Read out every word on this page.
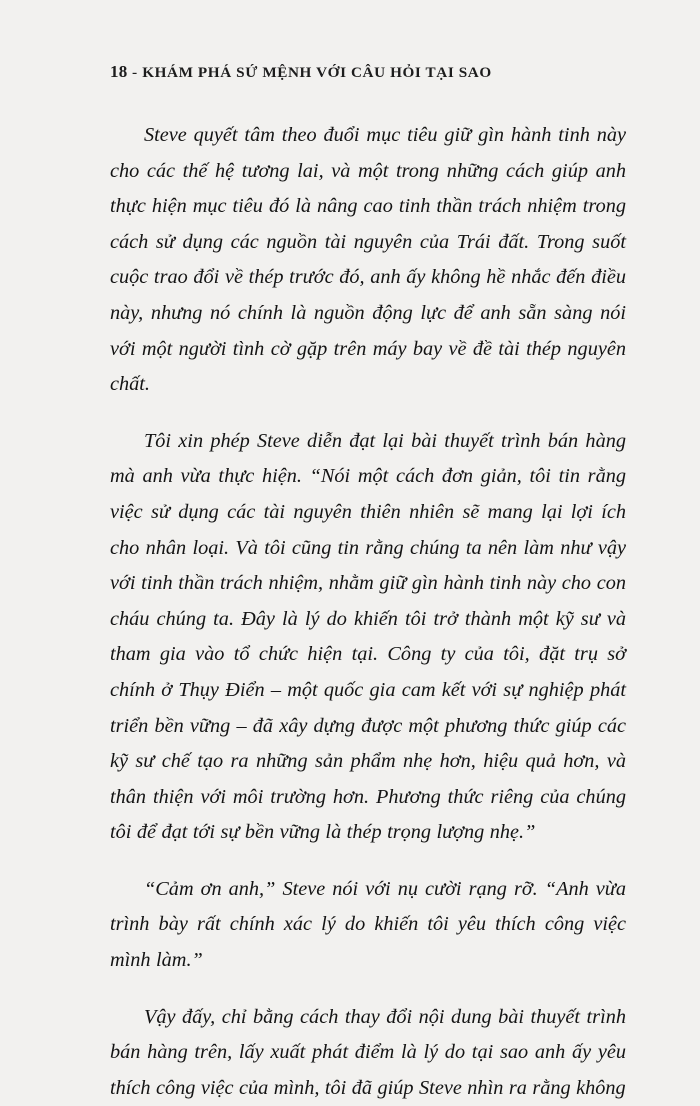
18 - KHÁM PHÁ SỨ MỆNH VỚI CÂU HỎI TẠI SAO

Steve quyết tâm theo đuổi mục tiêu giữ gìn hành tinh này cho các thế hệ tương lai, và một trong những cách giúp anh thực hiện mục tiêu đó là nâng cao tinh thần trách nhiệm trong cách sử dụng các nguồn tài nguyên của Trái đất. Trong suốt cuộc trao đổi về thép trước đó, anh ấy không hề nhắc đến điều này, nhưng nó chính là nguồn động lực để anh sẵn sàng nói với một người tình cờ gặp trên máy bay về đề tài thép nguyên chất.

Tôi xin phép Steve diễn đạt lại bài thuyết trình bán hàng mà anh vừa thực hiện. “Nói một cách đơn giản, tôi tin rằng việc sử dụng các tài nguyên thiên nhiên sẽ mang lại lợi ích cho nhân loại. Và tôi cũng tin rằng chúng ta nên làm như vậy với tinh thần trách nhiệm, nhằm giữ gìn hành tinh này cho con cháu chúng ta. Đây là lý do khiến tôi trở thành một kỹ sư và tham gia vào tổ chức hiện tại. Công ty của tôi, đặt trụ sở chính ở Thụy Điển – một quốc gia cam kết với sự nghiệp phát triển bền vững – đã xây dựng được một phương thức giúp các kỹ sư chế tạo ra những sản phẩm nhẹ hơn, hiệu quả hơn, và thân thiện với môi trường hơn. Phương thức riêng của chúng tôi để đạt tới sự bền vững là thép trọng lượng nhẹ.”

“Cảm ơn anh,” Steve nói với nụ cười rạng rỡ. “Anh vừa trình bày rất chính xác lý do khiến tôi yêu thích công việc mình làm.”

Vậy đấy, chỉ bằng cách thay đổi nội dung bài thuyết trình bán hàng trên, lấy xuất phát điểm là lý do tại sao anh ấy yêu thích công việc của mình, tôi đã giúp Steve nhìn ra rằng không
